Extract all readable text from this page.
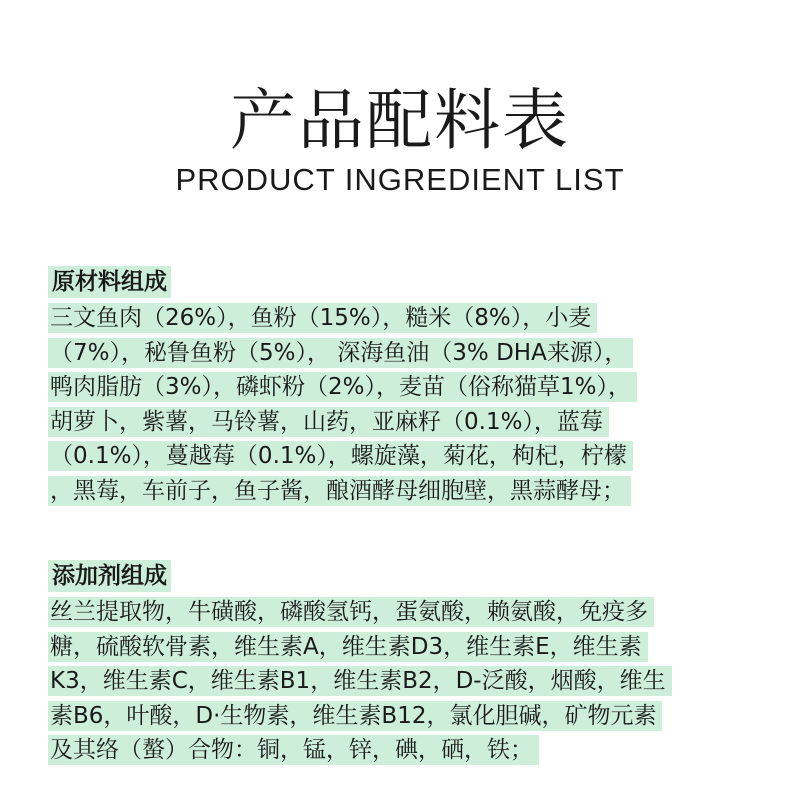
产品配料表
PRODUCT INGREDIENT LIST
原材料组成
三文鱼肉（26%），鱼粉（15%），糙米（8%），小麦
（7%），秘鲁鱼粉（5%）， 深海鱼油（3% DHA来源），
鸭肉脂肪（3%），磷虾粉（2%），麦苗（俗称猫草1%），
胡萝卜，紫薯，马铃薯，山药，亚麻籽（0.1%），蓝莓
（0.1%），蔓越莓（0.1%），螺旋藻，菊花，枸杞，柠檬
，黑莓，车前子，鱼子酱，酿酒酵母细胞壁，黑蒜酵母；
添加剂组成
丝兰提取物，牛磺酸，磷酸氢钙，蛋氨酸，赖氨酸，免疫多
糖，硫酸软骨素，维生素A，维生素D3，维生素E，维生素
K3，维生素C，维生素B1，维生素B2，D-泛酸，烟酸，维生
素B6，叶酸，D·生物素，维生素B12，氯化胆碱，矿物元素
及其络（螯）合物：铜，锰，锌，碘，硒，铁；
